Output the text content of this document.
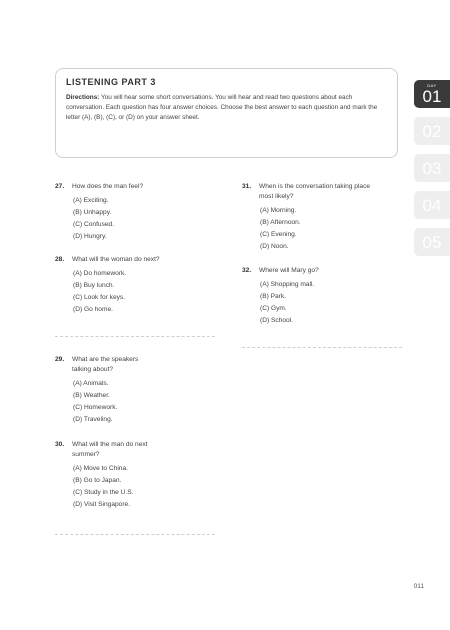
LISTENING PART 3
Directions: You will hear some short conversations. You will hear and read two questions about each conversation. Each question has four answer choices. Choose the best answer to each question and mark the letter (A), (B), (C), or (D) on your answer sheet.
DAY
01
02
03
04
05
27.	How does the man feel?
(A) Exciting.
(B) Unhappy.
(C) Confused.
(D) Hungry.
28.	What will the woman do next?
(A) Do homework.
(B) Buy lunch.
(C) Look for keys.
(D) Go home.
29.	What are the speakers talking about?
(A) Animals.
(B) Weather.
(C) Homework.
(D) Traveling.
30.	What will the man do next summer?
(A) Move to China.
(B) Go to Japan.
(C) Study in the U.S.
(D) Visit Singapore.
31.	When is the conversation taking place most likely?
(A) Morning.
(B) Afternoon.
(C) Evening.
(D) Noon.
32.	Where will Mary go?
(A) Shopping mall.
(B) Park.
(C) Gym.
(D) School.
011
